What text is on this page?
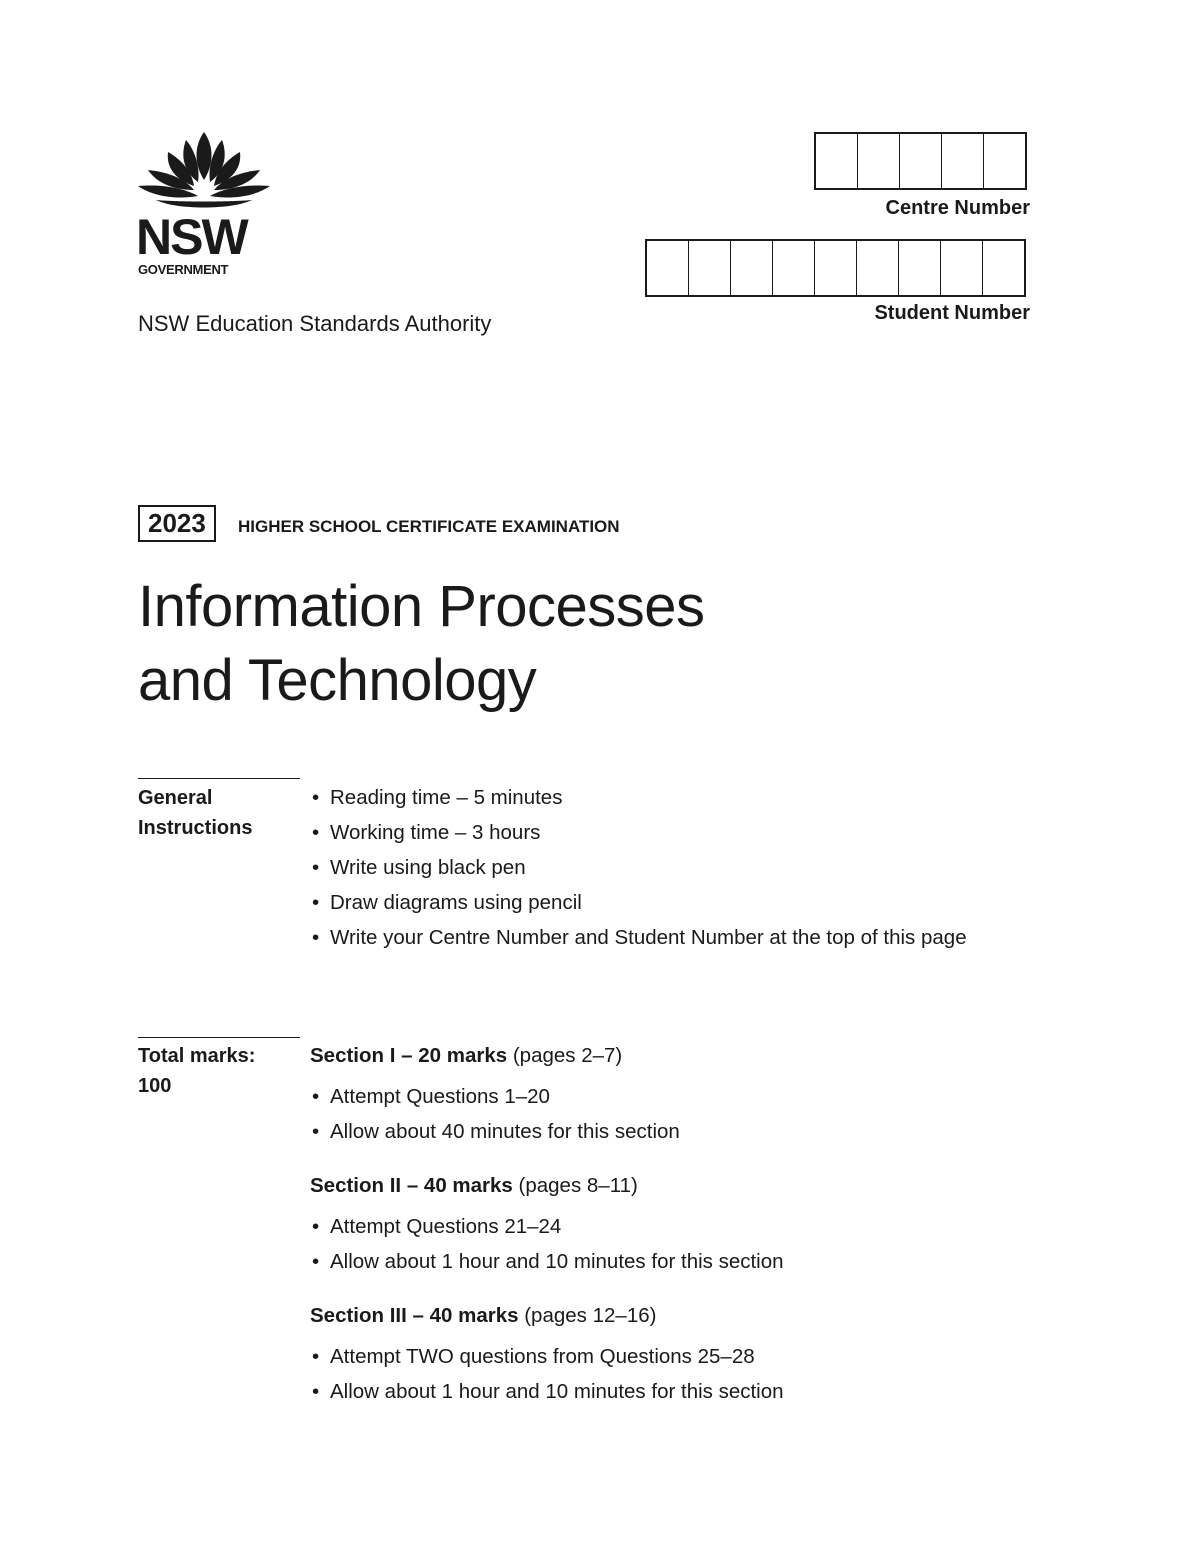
NSW
GOVERNMENT
NSW Education Standards Authority
Centre Number
Student Number
2023	HIGHER SCHOOL CERTIFICATE EXAMINATION
Information Processes
and Technology
General
Instructions
• Reading time – 5 minutes
• Working time – 3 hours
• Write using black pen
• Draw diagrams using pencil
• Write your Centre Number and Student Number at the top of this page
Total marks:
100
Section I – 20 marks (pages 2–7)
• Attempt Questions 1–20
• Allow about 40 minutes for this section
Section II – 40 marks (pages 8–11)
• Attempt Questions 21–24
• Allow about 1 hour and 10 minutes for this section
Section III – 40 marks (pages 12–16)
• Attempt TWO questions from Questions 25–28
• Allow about 1 hour and 10 minutes for this section
